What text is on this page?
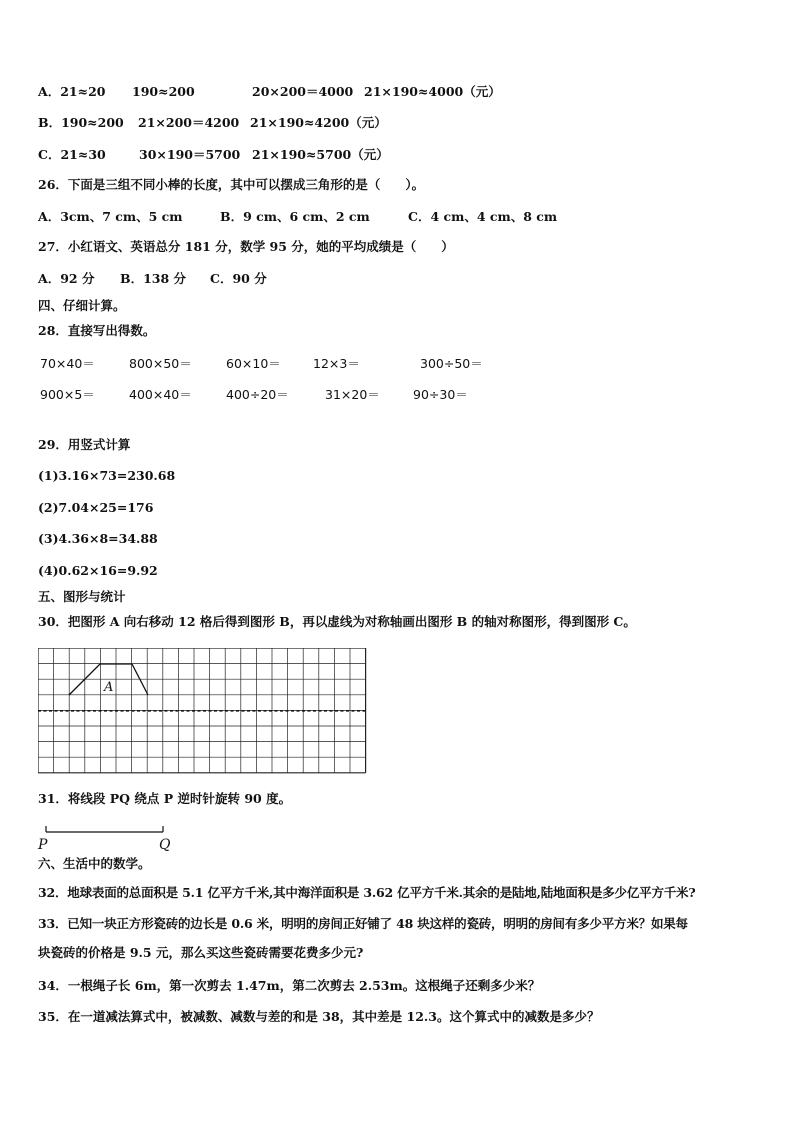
A．21≈20 190≈200	20×200＝4000 21×190≈4000（元）
B．190≈200 21×200＝4200 21×190≈4200（元）
C．21≈30	30×190＝5700 21×190≈5700（元）
26．下面是三组不同小棒的长度，其中可以摆成三角形的是（　　）。
A．3cm、7 cm、5 cm	B．9 cm、6 cm、2 cm	C．4 cm、4 cm、8 cm
27．小红语文、英语总分 181 分，数学 95 分，她的平均成绩是（　　）
A．92 分 B．138 分 C．90 分
四、仔细计算。
28．直接写出得数。
70×40＝	800×50＝	60×10＝	12×3＝	300÷50＝
900×5＝	400×40＝	400÷20＝	31×20＝	90÷30＝
29．用竖式计算
(1)3.16×73=230.68
(2)7.04×25=176
(3)4.36×8=34.88
(4)0.62×16=9.92
五、图形与统计
30．把图形 A 向右移动 12 格后得到图形 B，再以虚线为对称轴画出图形 B 的轴对称图形，得到图形 C。
A
31．将线段 PQ 绕点 P 逆时针旋转 90 度。
P	Q
六、生活中的数学。
32．地球表面的总面积是 5.1 亿平方千米,其中海洋面积是 3.62 亿平方千米.其余的是陆地,陆地面积是多少亿平方千米?
33．已知一块正方形瓷砖的边长是 0.6 米，明明的房间正好铺了 48 块这样的瓷砖，明明的房间有多少平方米？如果每
块瓷砖的价格是 9.5 元，那么买这些瓷砖需要花费多少元?
34．一根绳子长 6m，第一次剪去 1.47m，第二次剪去 2.53m。这根绳子还剩多少米？
35．在一道减法算式中，被减数、减数与差的和是 38，其中差是 12.3。这个算式中的减数是多少？
